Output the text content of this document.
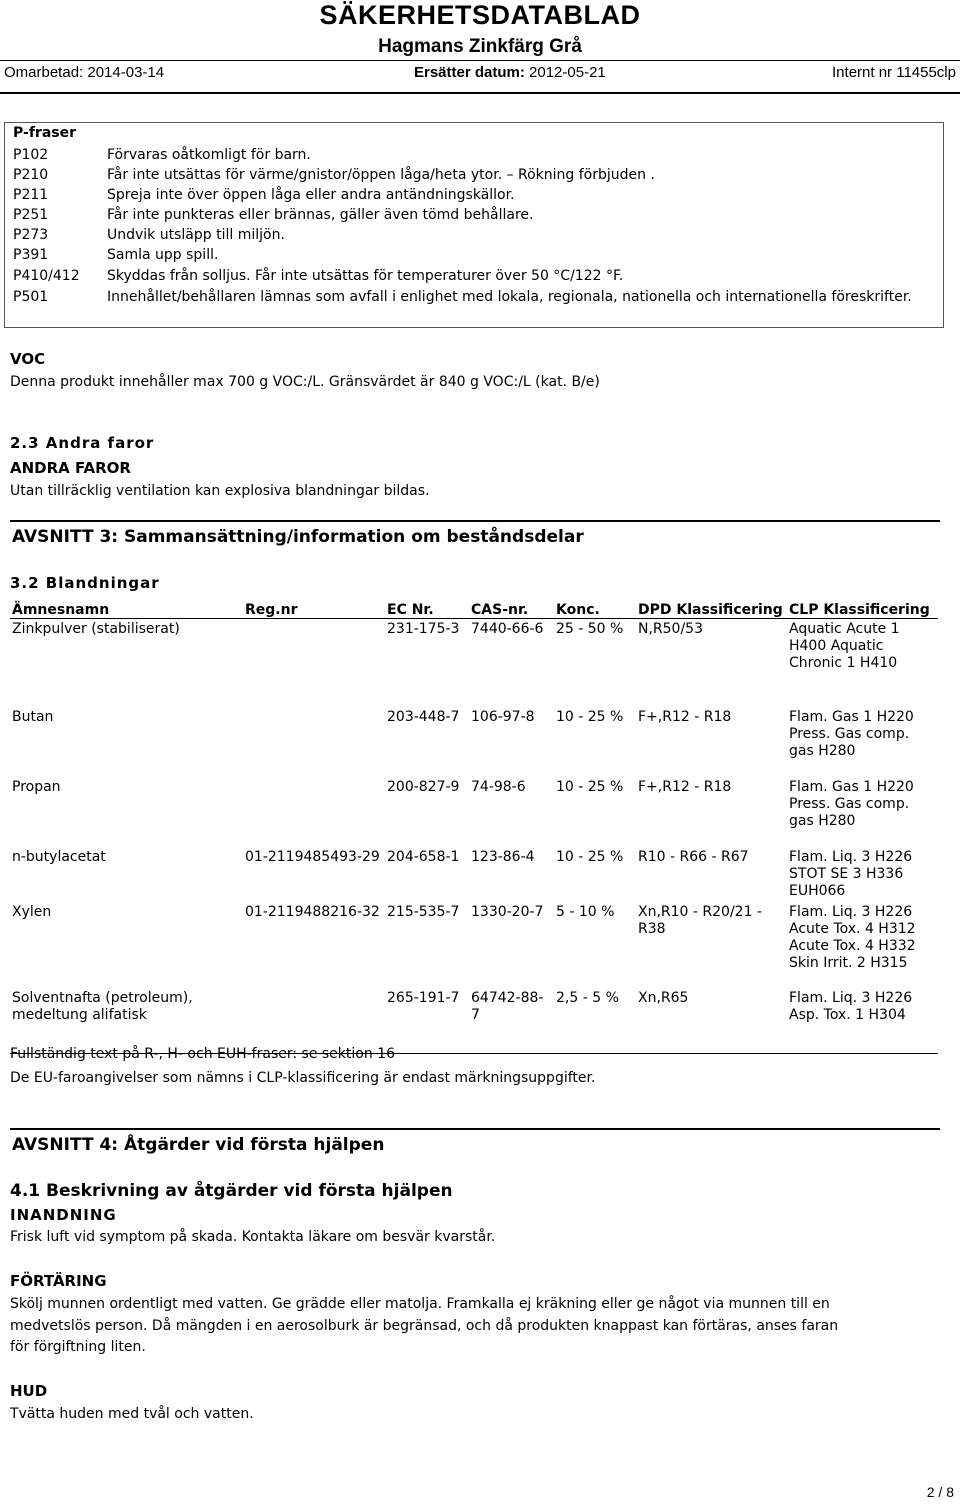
SÄKERHETSDATABLAD
Hagmans Zinkfärg Grå
Omarbetad: 2014-03-14	Ersätter datum: 2012-05-21	Internt nr 11455clp
P-fraser
P102	Förvaras oåtkomligt för barn.
P210	Får inte utsättas för värme/gnistor/öppen låga/heta ytor. – Rökning förbjuden .
P211	Spreja inte över öppen låga eller andra antändningskällor.
P251	Får inte punkteras eller brännas, gäller även tömd behållare.
P273	Undvik utsläpp till miljön.
P391	Samla upp spill.
P410/412	Skyddas från solljus. Får inte utsättas för temperaturer över 50 °C/122 °F.
P501	Innehållet/behållaren lämnas som avfall i enlighet med lokala, regionala, nationella och internationella föreskrifter.
VOC
Denna produkt innehåller max 700 g VOC:/L. Gränsvärdet är 840 g VOC:/L (kat. B/e)
2.3 Andra faror
ANDRA FAROR
Utan tillräcklig ventilation kan explosiva blandningar bildas.
AVSNITT 3: Sammansättning/information om beståndsdelar
3.2 Blandningar
Ämnesnamn	Reg.nr	EC Nr.	CAS-nr.	Konc.	DPD Klassificering	CLP Klassificering
Zinkpulver (stabiliserat)		231-175-3	7440-66-6	25 - 50 %	N,R50/53	Aquatic Acute 1 H400 Aquatic Chronic 1 H410
Butan		203-448-7	106-97-8	10 - 25 %	F+,R12 - R18	Flam. Gas 1 H220 Press. Gas comp. gas H280
Propan		200-827-9	74-98-6	10 - 25 %	F+,R12 - R18	Flam. Gas 1 H220 Press. Gas comp. gas H280
n-butylacetat	01-2119485493-29	204-658-1	123-86-4	10 - 25 %	R10 - R66 - R67	Flam. Liq. 3 H226 STOT SE 3 H336 EUH066
Xylen	01-2119488216-32	215-535-7	1330-20-7	5 - 10 %	Xn,R10 - R20/21 - R38	Flam. Liq. 3 H226 Acute Tox. 4 H312 Acute Tox. 4 H332 Skin Irrit. 2 H315
Solventnafta (petroleum), medeltung alifatisk		265-191-7	64742-88-7	2,5 - 5 %	Xn,R65	Flam. Liq. 3 H226 Asp. Tox. 1 H304
Fullständig text på R-, H- och EUH-fraser: se sektion 16
De EU-faroangivelser som nämns i CLP-klassificering är endast märkningsuppgifter.
AVSNITT 4: Åtgärder vid första hjälpen
4.1 Beskrivning av åtgärder vid första hjälpen
INANDNING
Frisk luft vid symptom på skada. Kontakta läkare om besvär kvarstår.
FÖRTÄRING
Skölj munnen ordentligt med vatten. Ge grädde eller matolja. Framkalla ej kräkning eller ge något via munnen till en
medvetslös person. Då mängden i en aerosolburk är begränsad, och då produkten knappast kan förtäras, anses faran
för förgiftning liten.
HUD
Tvätta huden med tvål och vatten.
2 / 8
